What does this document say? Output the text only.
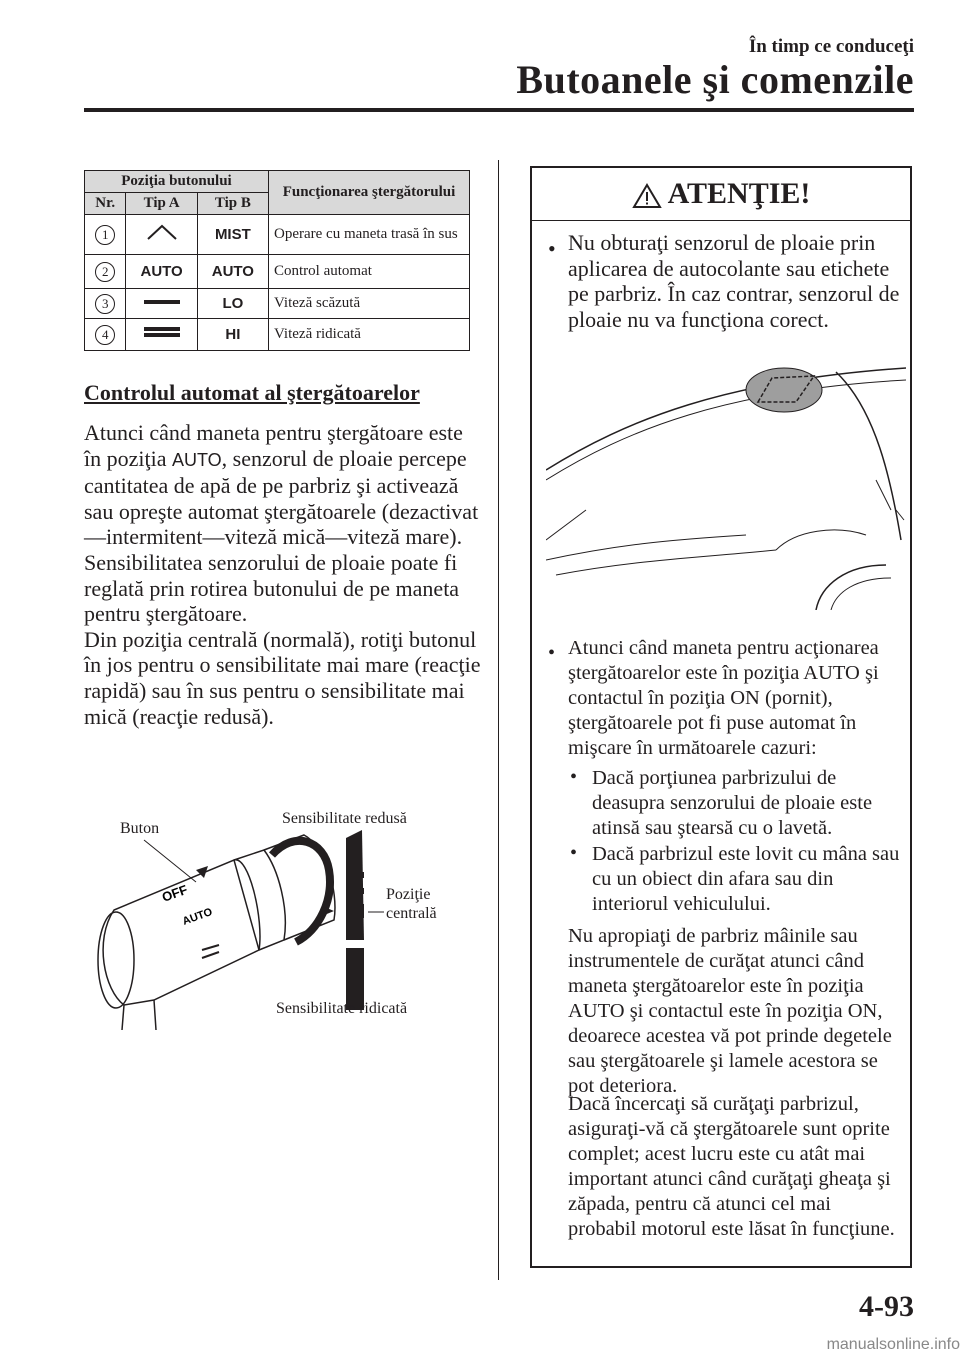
În timp ce conduceţi
Butoanele şi comenzile
Poziţia butonului			Funcţionarea ştergătorului
Nr.	Tip A	Tip B	
1		MIST	Operare cu maneta trasă în sus
2	AUTO	AUTO	Control automat
3		LO	Viteză scăzută
4		HI	Viteză ridicată
Controlul automat al ştergătoarelor

Atunci când maneta pentru ştergătoare este în poziţia AUTO, senzorul de ploaie percepe cantitatea de apă de pe parbriz şi activează sau opreşte automat ştergătoarele (dezactivat—intermitent—viteză mică—viteză mare).

Sensibilitatea senzorului de ploaie poate fi reglată prin rotirea butonului de pe maneta pentru ştergătoare.

Din poziţia centrală (normală), rotiţi butonul în jos pentru o sensibilitate mai mare (reacţie rapidă) sau în sus pentru o sensibilitate mai mică (reacţie redusă).

OFF
AUTO
Buton
Sensibilitate redusă
Poziţie
centrală
Sensibilitate ridicată
ATENŢIE!
• Nu obturaţi senzorul de ploaie prin aplicarea de autocolante sau etichete pe parbriz. În caz contrar, senzorul de ploaie nu va funcţiona corect.
• Atunci când maneta pentru acţionarea ştergătoarelor este în poziţia AUTO şi contactul în poziţia ON (pornit), ştergătoarele pot fi puse automat în mişcare în următoarele cazuri:
• Dacă porţiunea parbrizului de deasupra senzorului de ploaie este atinsă sau ştearsă cu o lavetă.
• Dacă parbrizul este lovit cu mâna sau cu un obiect din afara sau din interiorul vehiculului.
Nu apropiaţi de parbriz mâinile sau instrumentele de curăţat atunci când maneta ştergătoarelor este în poziţia AUTO şi contactul este în poziţia ON, deoarece acestea vă pot prinde degetele sau ştergătoarele şi lamele acestora se pot deteriora.
Dacă încercaţi să curăţaţi parbrizul, asiguraţi-vă că ştergătoarele sunt oprite complet; acest lucru este cu atât mai important atunci când curăţaţi gheaţa şi zăpada, pentru că atunci cel mai probabil motorul este lăsat în funcţiune.
4-93
manualsonline.info
